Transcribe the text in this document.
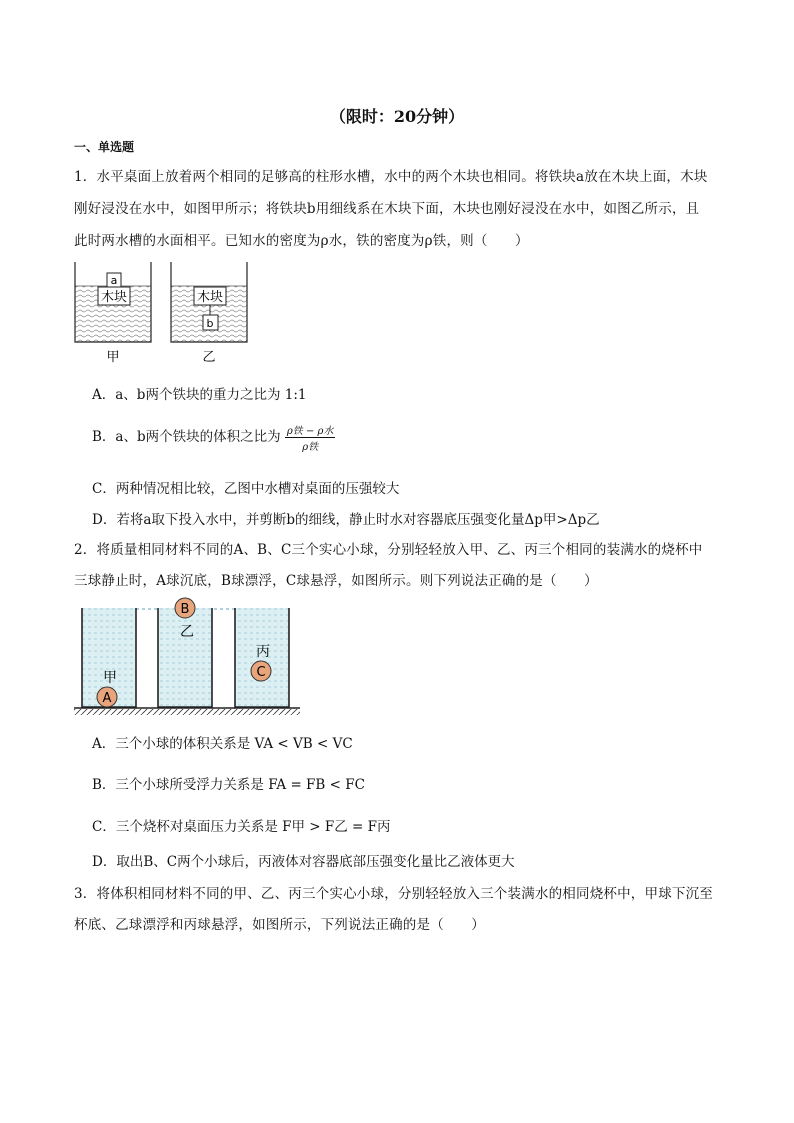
（限时：20分钟）
一、单选题
1．水平桌面上放着两个相同的足够高的柱形水槽，水中的两个木块也相同。将铁块a放在木块上面，木块
刚好浸没在水中，如图甲所示；将铁块b用细线系在木块下面，木块也刚好浸没在水中，如图乙所示，且
此时两水槽的水面相平。已知水的密度为ρ水，铁的密度为ρ铁，则（　　）
木块
a
甲
木块
b
乙
A．a、b两个铁块的重力之比为 1:1
B．a、b两个铁块的体积之比为 $\frac{\text{ρ铁 − ρ水}}{\text{ρ铁}}$
C．两种情况相比较，乙图中水槽对桌面的压强较大
D．若将a取下投入水中，并剪断b的细线，静止时水对容器底压强变化量Δp甲>Δp乙
2．将质量相同材料不同的A、B、C三个实心小球，分别轻轻放入甲、乙、丙三个相同的装满水的烧杯中
三球静止时，A球沉底，B球漂浮，C球悬浮，如图所示。则下列说法正确的是（　　）
甲
A
B
乙
丙
C
A．三个小球的体积关系是 VA < VB < VC
B．三个小球所受浮力关系是 FA = FB < FC
C．三个烧杯对桌面压力关系是 F甲 > F乙 = F丙
D．取出B、C两个小球后，丙液体对容器底部压强变化量比乙液体更大
3．将体积相同材料不同的甲、乙、丙三个实心小球，分别轻轻放入三个装满水的相同烧杯中，甲球下沉至
杯底、乙球漂浮和丙球悬浮，如图所示，下列说法正确的是（　　）
